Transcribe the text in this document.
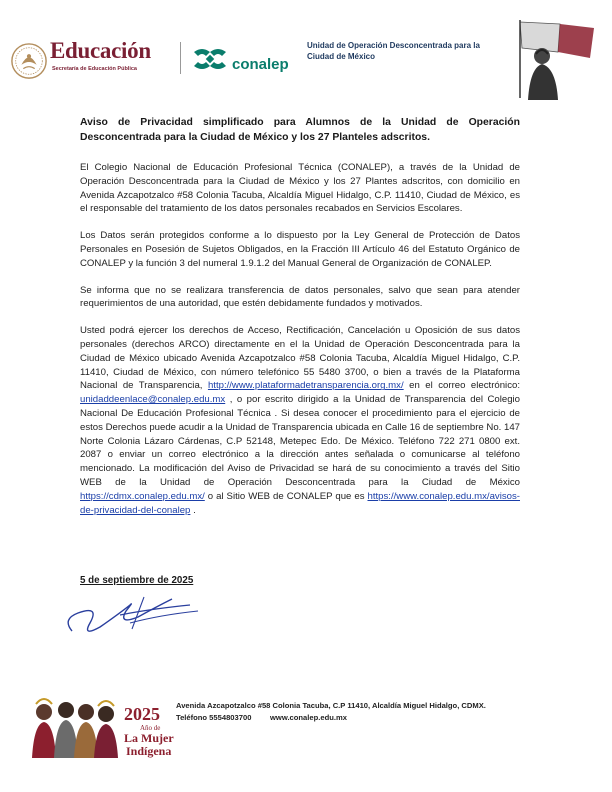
Educación
Secretaría de Educación Pública	conalep
Unidad de Operación Desconcentrada para la Ciudad de México

Aviso de Privacidad simplificado para Alumnos de la Unidad de Operación Desconcentrada para la Ciudad de México y los 27 Planteles adscritos.

El Colegio Nacional de Educación Profesional Técnica (CONALEP), a través de la Unidad de Operación Desconcentrada para la Ciudad de México y los 27 Plantes adscritos, con domicilio en Avenida Azcapotzalco #58 Colonia Tacuba, Alcaldía Miguel Hidalgo, C.P. 11410, Ciudad de México, es el responsable del tratamiento de los datos personales recabados en Servicios Escolares.

Los Datos serán protegidos conforme a lo dispuesto por la Ley General de Protección de Datos Personales en Posesión de Sujetos Obligados, en la Fracción III Artículo 46 del Estatuto Orgánico de CONALEP y la función 3 del numeral 1.9.1.2 del Manual General de Organización de CONALEP.

Se informa que no se realizara transferencia de datos personales, salvo que sean para atender requerimientos de una autoridad, que estén debidamente fundados y motivados.

Usted podrá ejercer los derechos de Acceso, Rectificación, Cancelación u Oposición de sus datos personales (derechos ARCO) directamente en el la Unidad de Operación Desconcentrada para la Ciudad de México ubicado Avenida Azcapotzalco #58 Colonia Tacuba, Alcaldía Miguel Hidalgo, C.P. 11410, Ciudad de México, con número telefónico 55 5480 3700, o bien a través de la Plataforma Nacional de Transparencia, http://www.plataformadetransparencia.org.mx/ en el correo electrónico: unidaddeenlace@conalep.edu.mx , o por escrito dirigido a la Unidad de Transparencia del Colegio Nacional De Educación Profesional Técnica . Si desea conocer el procedimiento para el ejercicio de estos Derechos puede acudir a la Unidad de Transparencia ubicada en Calle 16 de septiembre No. 147 Norte Colonia Lázaro Cárdenas, C.P 52148, Metepec Edo. De México. Teléfono 722 271 0800 ext. 2087 o enviar un correo electrónico a la dirección antes señalada o comunicarse al teléfono mencionado. La modificación del Aviso de Privacidad se hará de su conocimiento a través del Sitio WEB de la Unidad de Operación Desconcentrada para la Ciudad de México https://cdmx.conalep.edu.mx/ o al Sitio WEB de CONALEP que es https://www.conalep.edu.mx/avisos-de-privacidad-del-conalep .

5 de septiembre de 2025
2025
Año de
La Mujer
Indígena
Avenida Azcapotzalco #58 Colonia Tacuba, C.P 11410, Alcaldía Miguel Hidalgo, CDMX.
Teléfono 5554803700 www.conalep.edu.mx
